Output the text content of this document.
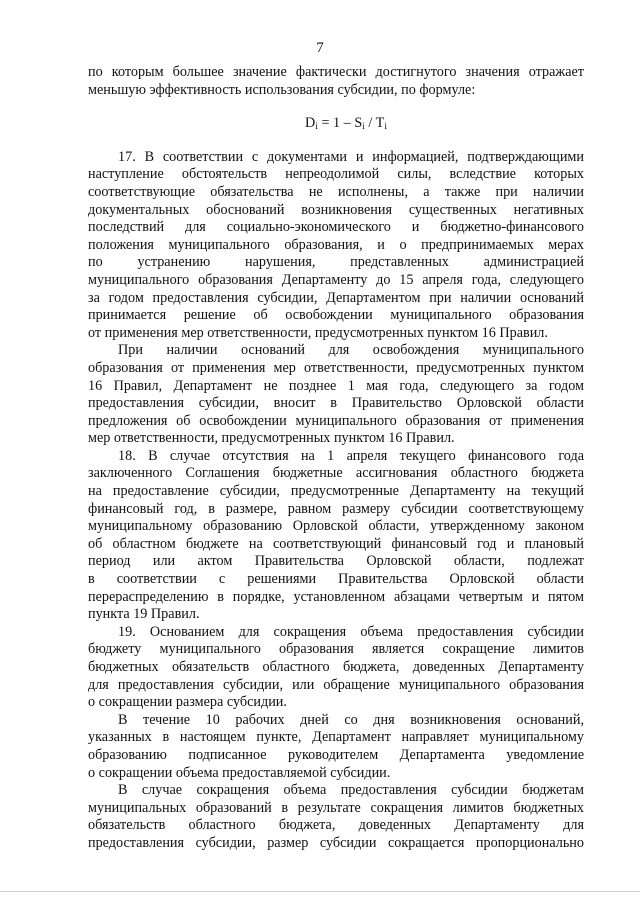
7
по которым большее значение фактически достигнутого значения отражает
меньшую эффективность использования субсидии, по формуле:
$D_i = 1 - S_i / T_i$
17. В соответствии с документами и информацией, подтверждающими
наступление обстоятельств непреодолимой силы, вследствие которых
соответствующие обязательства не исполнены, а также при наличии
документальных обоснований возникновения существенных негативных
последствий для социально-экономического и бюджетно-финансового
положения муниципального образования, и о предпринимаемых мерах
по устранению нарушения, представленных администрацией
муниципального образования Департаменту до 15 апреля года, следующего
за годом предоставления субсидии, Департаментом при наличии оснований
принимается решение об освобождении муниципального образования
от применения мер ответственности, предусмотренных пунктом 16 Правил.
При наличии оснований для освобождения муниципального
образования от применения мер ответственности, предусмотренных пунктом
16 Правил, Департамент не позднее 1 мая года, следующего за годом
предоставления субсидии, вносит в Правительство Орловской области
предложения об освобождении муниципального образования от применения
мер ответственности, предусмотренных пунктом 16 Правил.
18. В случае отсутствия на 1 апреля текущего финансового года
заключенного Соглашения бюджетные ассигнования областного бюджета
на предоставление субсидии, предусмотренные Департаменту на текущий
финансовый год, в размере, равном размеру субсидии соответствующему
муниципальному образованию Орловской области, утвержденному законом
об областном бюджете на соответствующий финансовый год и плановый
период или актом Правительства Орловской области, подлежат
в соответствии с решениями Правительства Орловской области
перераспределению в порядке, установленном абзацами четвертым и пятом
пункта 19 Правил.
19. Основанием для сокращения объема предоставления субсидии
бюджету муниципального образования является сокращение лимитов
бюджетных обязательств областного бюджета, доведенных Департаменту
для предоставления субсидии, или обращение муниципального образования
о сокращении размера субсидии.
В течение 10 рабочих дней со дня возникновения оснований,
указанных в настоящем пункте, Департамент направляет муниципальному
образованию подписанное руководителем Департамента уведомление
о сокращении объема предоставляемой субсидии.
В случае сокращения объема предоставления субсидии бюджетам
муниципальных образований в результате сокращения лимитов бюджетных
обязательств областного бюджета, доведенных Департаменту для
предоставления субсидии, размер субсидии сокращается пропорционально
